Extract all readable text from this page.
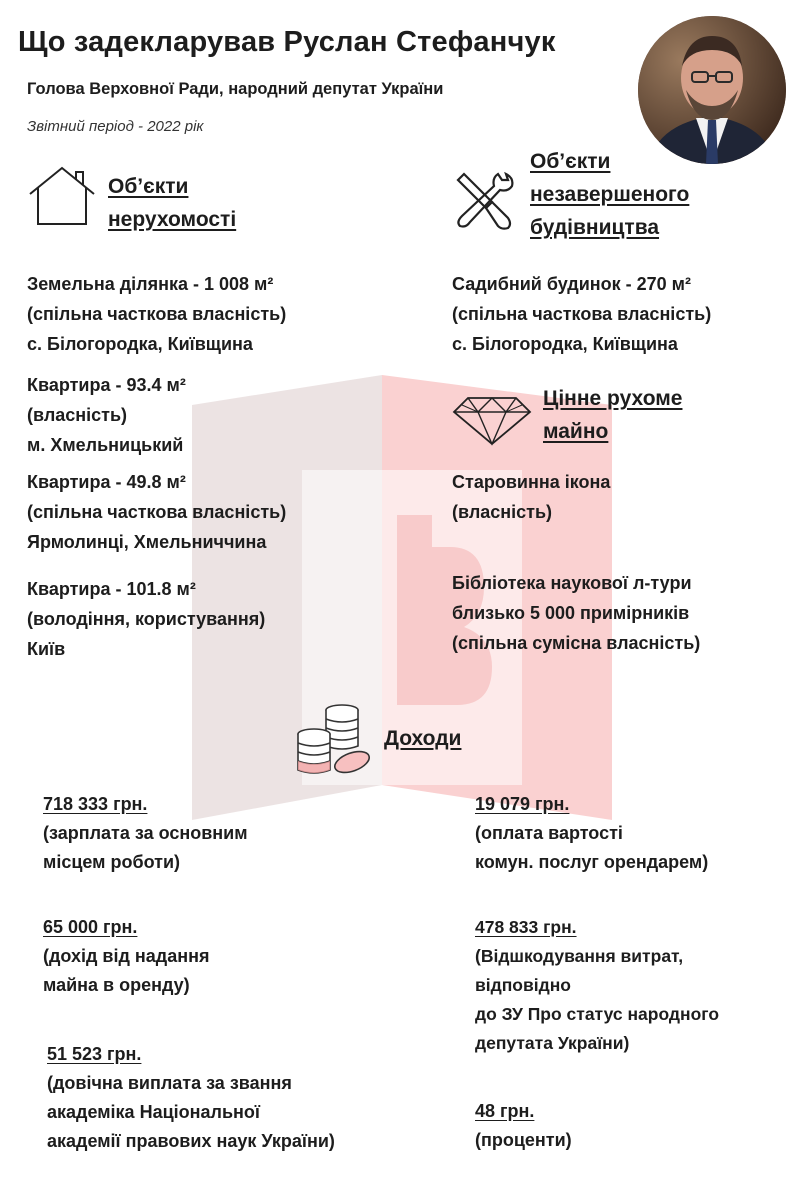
Що задекларував Руслан Стефанчук
Голова Верховної Ради, народний депутат України
Звітний період - 2022 рік
Об’єкти
нерухомості
Об’єкти
незавершеного
будівництва
Земельна ділянка - 1 008 м²
(спільна часткова власність)
с. Білогородка, Київщина
Квартира - 93.4 м²
(власність)
м. Хмельницький
Квартира - 49.8 м²
(спільна часткова власність)
Ярмолинці, Хмельниччина
Квартира - 101.8 м²
(володіння, користування)
Київ
Садибний будинок - 270 м²
(спільна часткова власність)
с. Білогородка, Київщина
Цінне рухоме
майно
Старовинна ікона
(власність)
Бібліотека наукової л-тури
близько 5 000 примірників
(спільна сумісна власність)
Доходи
718 333 грн.
(зарплата за основним
місцем роботи)
65 000 грн.
(дохід від надання
майна в оренду)
51 523 грн.
(довічна виплата за звання
академіка Національної
академії правових наук України)
19 079 грн.
(оплата вартості
комун. послуг орендарем)
478 833 грн.
(Відшкодування витрат,
відповідно
до ЗУ Про статус народного
депутата України)
48 грн.
(проценти)
